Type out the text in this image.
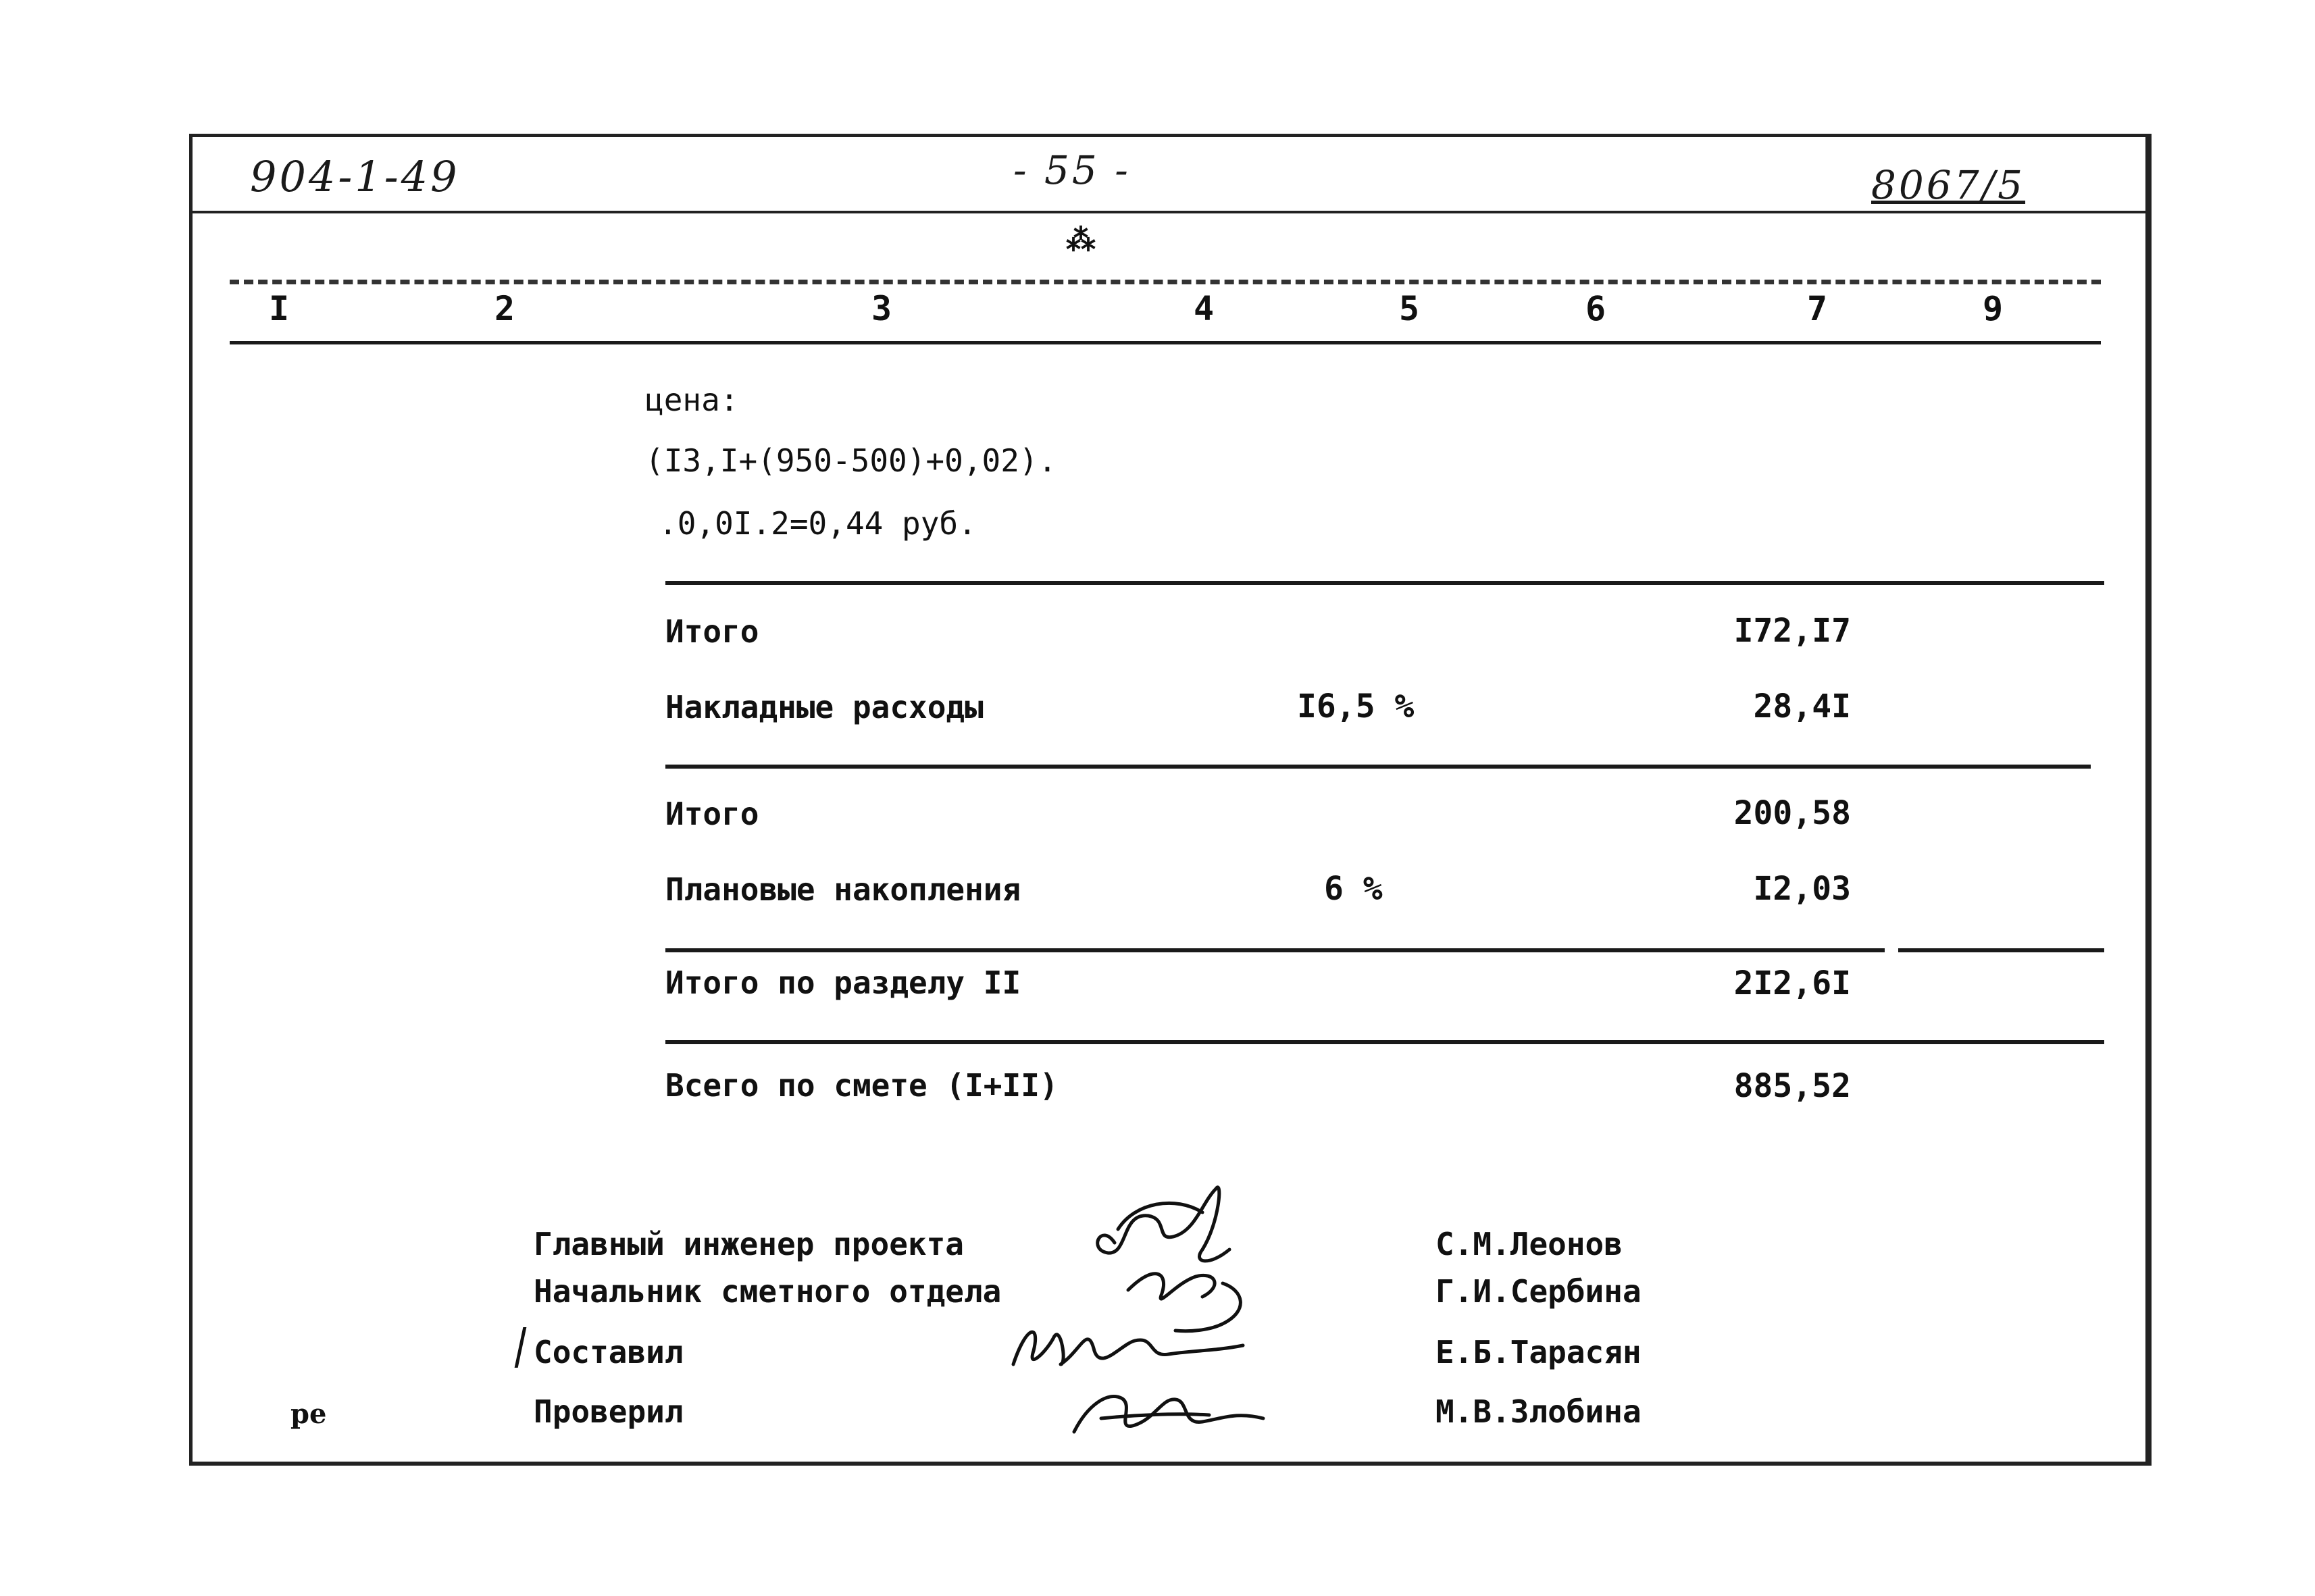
904-1-49	- 55 -	8067/5
⁂
I	2	3	4	5	6	7	9
цена:
(I3,I+(950-500)+0,02).
.0,0I.2=0,44 руб.
Итого	I72,I7
Накладные расходы	I6,5 %	28,4I
Итого	200,58
Плановые накопления	6 %	I2,03
Итого по разделу II	2I2,6I
Всего по смете (I+II)	885,52
Главный инженер проекта	С.М.Леонов
Начальник сметного отдела	Г.И.Сербина
Составил	Е.Б.Тарасян
Проверил	М.В.Злобина
ре
